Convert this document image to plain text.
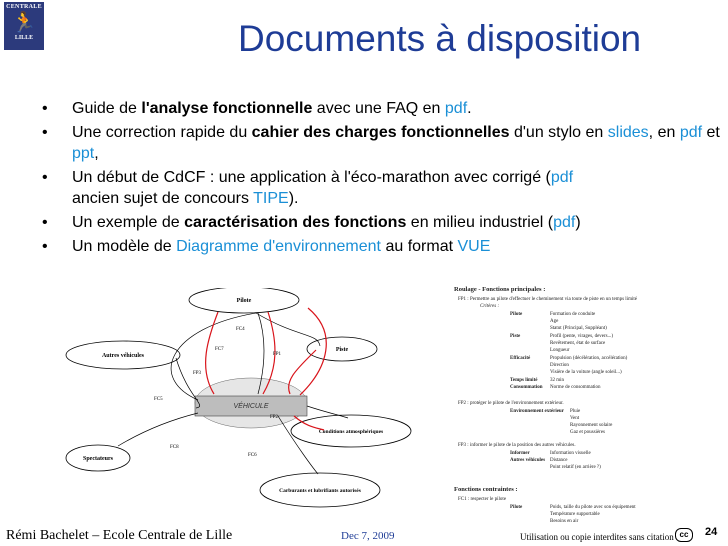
CENTRALE
🏃
LILLE	Documents à disposition
• Guide de l'analyse fonctionnelle avec une FAQ en pdf.
• Une correction rapide du cahier des charges fonctionnelles d'un stylo en slides, en pdf et ppt,
• Un début de CdCF : une application à l'éco-marathon avec corrigé (pdf
ancien sujet de concours TIPE).
• Un exemple de caractérisation des fonctions en milieu industriel (pdf)
• Un modèle de Diagramme d'environnement au format VUE
Pilote
Autres véhicules
Piste
Conditions atmosphériques
Spectateurs
Carburants et lubrifiants autorisés
VÉHICULE
FC4
FC7
FP1
FP3
FC5
FP2
FC8
FC6
Roulage - Fonctions principales :
FP1 : Permettre au pilote d'effectuer le cheminement via toute de piste en un temps limité
Critères :
Pilote	Formation de conduite
Age
Statut (Principal, Suppléant)
Piste	Profil (pente, virages, devers...)
Revêtement, état de surface
Longueur
Efficacité	Propulsion (décélération, accélération)
Direction
Visière de la voiture (angle soleil...)
Temps limité	32 min
Consommation Norme de consommation
FP2 : protéger le pilote de l'environnement extérieur.
Environnement extérieur Pluie
Vent
Rayonnement solaire
Gaz et poussières
FP3 : informer le pilote de la position des autres véhicules.
Informer	Information visuelle
Autres véhicules Distance
Point relatif (en arrière ?)
Fonctions contraintes :
FC1 : respecter le pilote
Pilote	Poids, taille du pilote avec son équipement
Température supportable
Besoins en air
Rémi Bachelet – Ecole Centrale de Lille	Dec 7, 2009	Utilisation ou copie interdites sans citation cc	24
